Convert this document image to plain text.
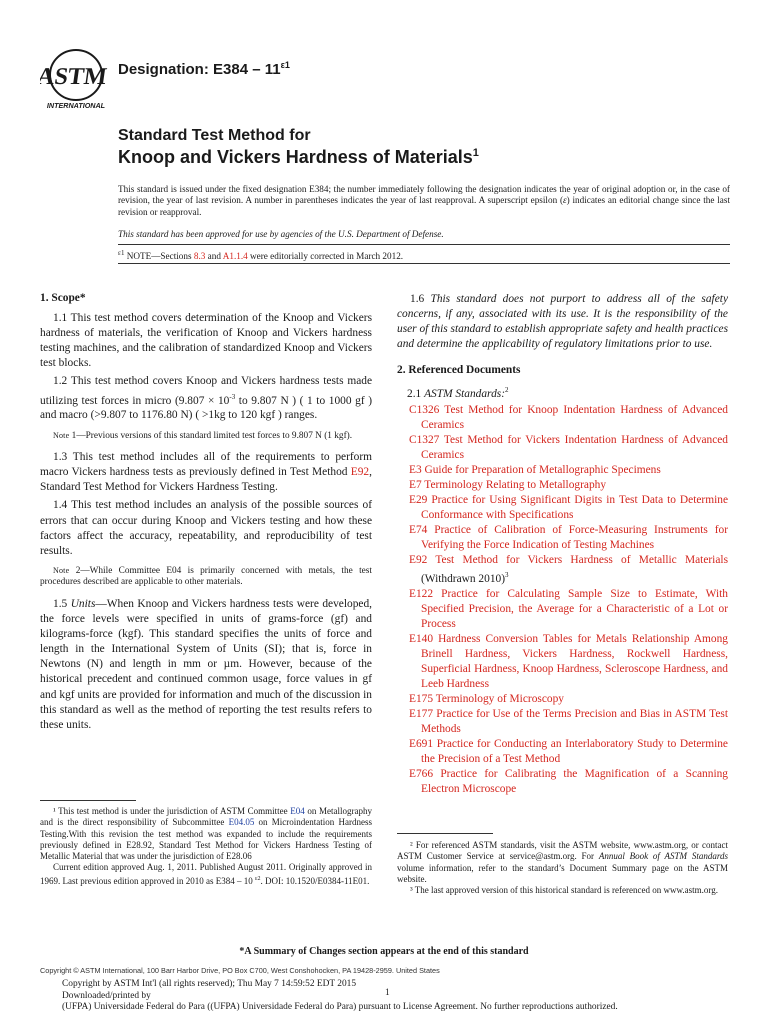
ASTM
INTERNATIONAL
Designation: $E384 - 11^{\varepsilon 1}$
Standard Test Method for
Knoop and Vickers Hardness of Materials$^1$
This standard is issued under the fixed designation E384; the number immediately following the designation indicates the year of original adoption or, in the case of revision, the year of last revision. A number in parentheses indicates the year of last reapproval. A superscript epsilon (ε) indicates an editorial change since the last revision or reapproval.
This standard has been approved for use by agencies of the U.S. Department of Defense.
$^{\varepsilon 1}$ NOTE—Sections 8.3 and A1.1.4 were editorially corrected in March 2012.

1. Scope*

1.1 This test method covers determination of the Knoop and Vickers hardness of materials, the verification of Knoop and Vickers hardness testing machines, and the calibration of standardized Knoop and Vickers test blocks.

1.2 This test method covers Knoop and Vickers hardness tests made utilizing test forces in micro ($9.807 \times 10^{-3}$ to 9.807 N ) ( 1 to 1000 gf ) and macro (>9.807 to 1176.80 N) ( >1kg to 120 kgf ) ranges.

Note 1—Previous versions of this standard limited test forces to 9.807 N (1 kgf).

1.3 This test method includes all of the requirements to perform macro Vickers hardness tests as previously defined in Test Method E92, Standard Test Method for Vickers Hardness Testing.

1.4 This test method includes an analysis of the possible sources of errors that can occur during Knoop and Vickers testing and how these factors affect the accuracy, repeatability, and reproducibility of test results.

Note 2—While Committee E04 is primarily concerned with metals, the test procedures described are applicable to other materials.

1.5 Units—When Knoop and Vickers hardness tests were developed, the force levels were specified in units of grams-force (gf) and kilograms-force (kgf). This standard specifies the units of force and length in the International System of Units (SI); that is, force in Newtons (N) and length in mm or µm. However, because of the historical precedent and continued common usage, force values in gf and kgf units are provided for information and much of the discussion in this standard as well as the method of reporting the test results refers to these units.

¹ This test method is under the jurisdiction of ASTM Committee E04 on Metallography and is the direct responsibility of Subcommittee E04.05 on Microindentation Hardness Testing.With this revision the test method was expanded to include the requirements previously defined in E28.92, Standard Test Method for Vickers Hardness Testing of Metallic Material that was under the jurisdiction of E28.06

Current edition approved Aug. 1, 2011. Published August 2011. Originally approved in 1969. Last previous edition approved in 2010 as E384 – 10 $^{\varepsilon 2}$. DOI: 10.1520/E0384-11E01.

1.6 This standard does not purport to address all of the safety concerns, if any, associated with its use. It is the responsibility of the user of this standard to establish appropriate safety and health practices and determine the applicability of regulatory limitations prior to use.

2. Referenced Documents

2.1 ASTM Standards:$^2$

C1326 Test Method for Knoop Indentation Hardness of Advanced Ceramics

C1327 Test Method for Vickers Indentation Hardness of Advanced Ceramics

E3 Guide for Preparation of Metallographic Specimens

E7 Terminology Relating to Metallography

E29 Practice for Using Significant Digits in Test Data to Determine Conformance with Specifications

E74 Practice of Calibration of Force-Measuring Instruments for Verifying the Force Indication of Testing Machines

E92 Test Method for Vickers Hardness of Metallic Materials (Withdrawn 2010)$^3$

E122 Practice for Calculating Sample Size to Estimate, With Specified Precision, the Average for a Characteristic of a Lot or Process

E140 Hardness Conversion Tables for Metals Relationship Among Brinell Hardness, Vickers Hardness, Rockwell Hardness, Superficial Hardness, Knoop Hardness, Scleroscope Hardness, and Leeb Hardness

E175 Terminology of Microscopy

E177 Practice for Use of the Terms Precision and Bias in ASTM Test Methods

E691 Practice for Conducting an Interlaboratory Study to Determine the Precision of a Test Method

E766 Practice for Calibrating the Magnification of a Scanning Electron Microscope

² For referenced ASTM standards, visit the ASTM website, www.astm.org, or contact ASTM Customer Service at service@astm.org. For Annual Book of ASTM Standards volume information, refer to the standard’s Document Summary page on the ASTM website.

³ The last approved version of this historical standard is referenced on www.astm.org.

*A Summary of Changes section appears at the end of this standard
Copyright © ASTM International, 100 Barr Harbor Drive, PO Box C700, West Conshohocken, PA 19428-2959. United States
Copyright by ASTM Int'l (all rights reserved); Thu May 7 14:59:52 EDT 2015
Downloaded/printed by
(UFPA) Universidade Federal do Para ((UFPA) Universidade Federal do Para) pursuant to License Agreement. No further reproductions authorized.
1
